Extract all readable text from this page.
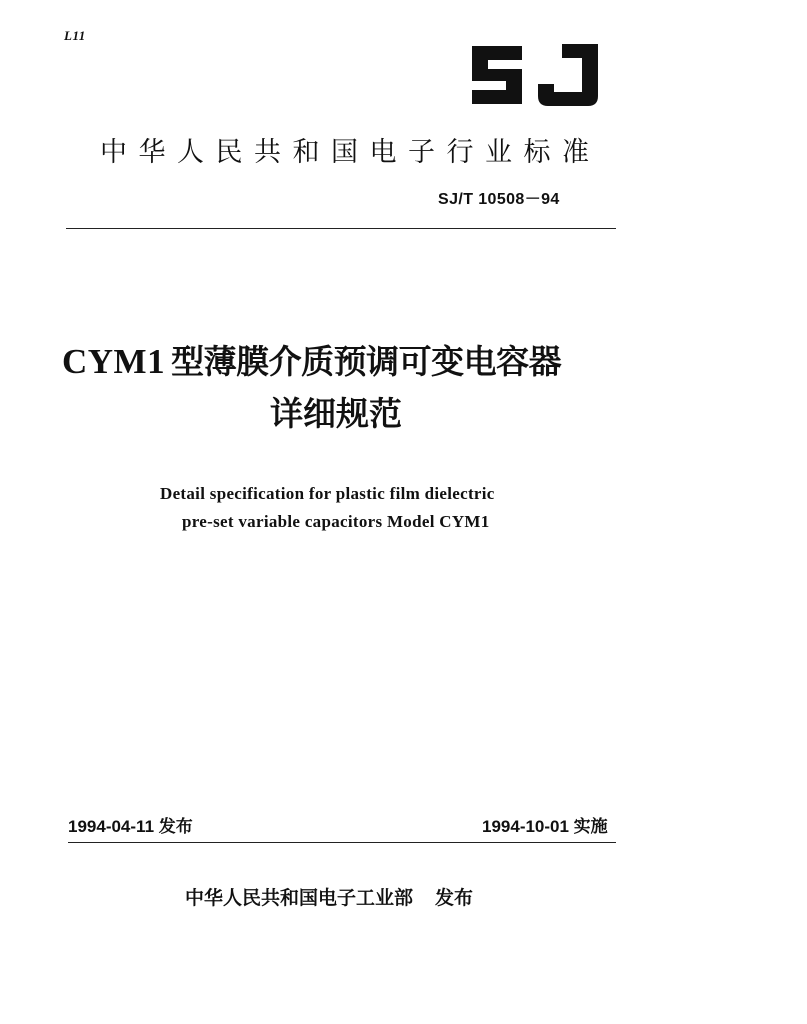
L11
中华人民共和国电子行业标准
SJ/T 10508－94
CYM1 型薄膜介质预调可变电容器
详细规范
Detail specification for plastic film dielectric
pre-set variable capacitors Model CYM1
1994-04-11 发布	1994-10-01 实施
中华人民共和国电子工业部 发布
